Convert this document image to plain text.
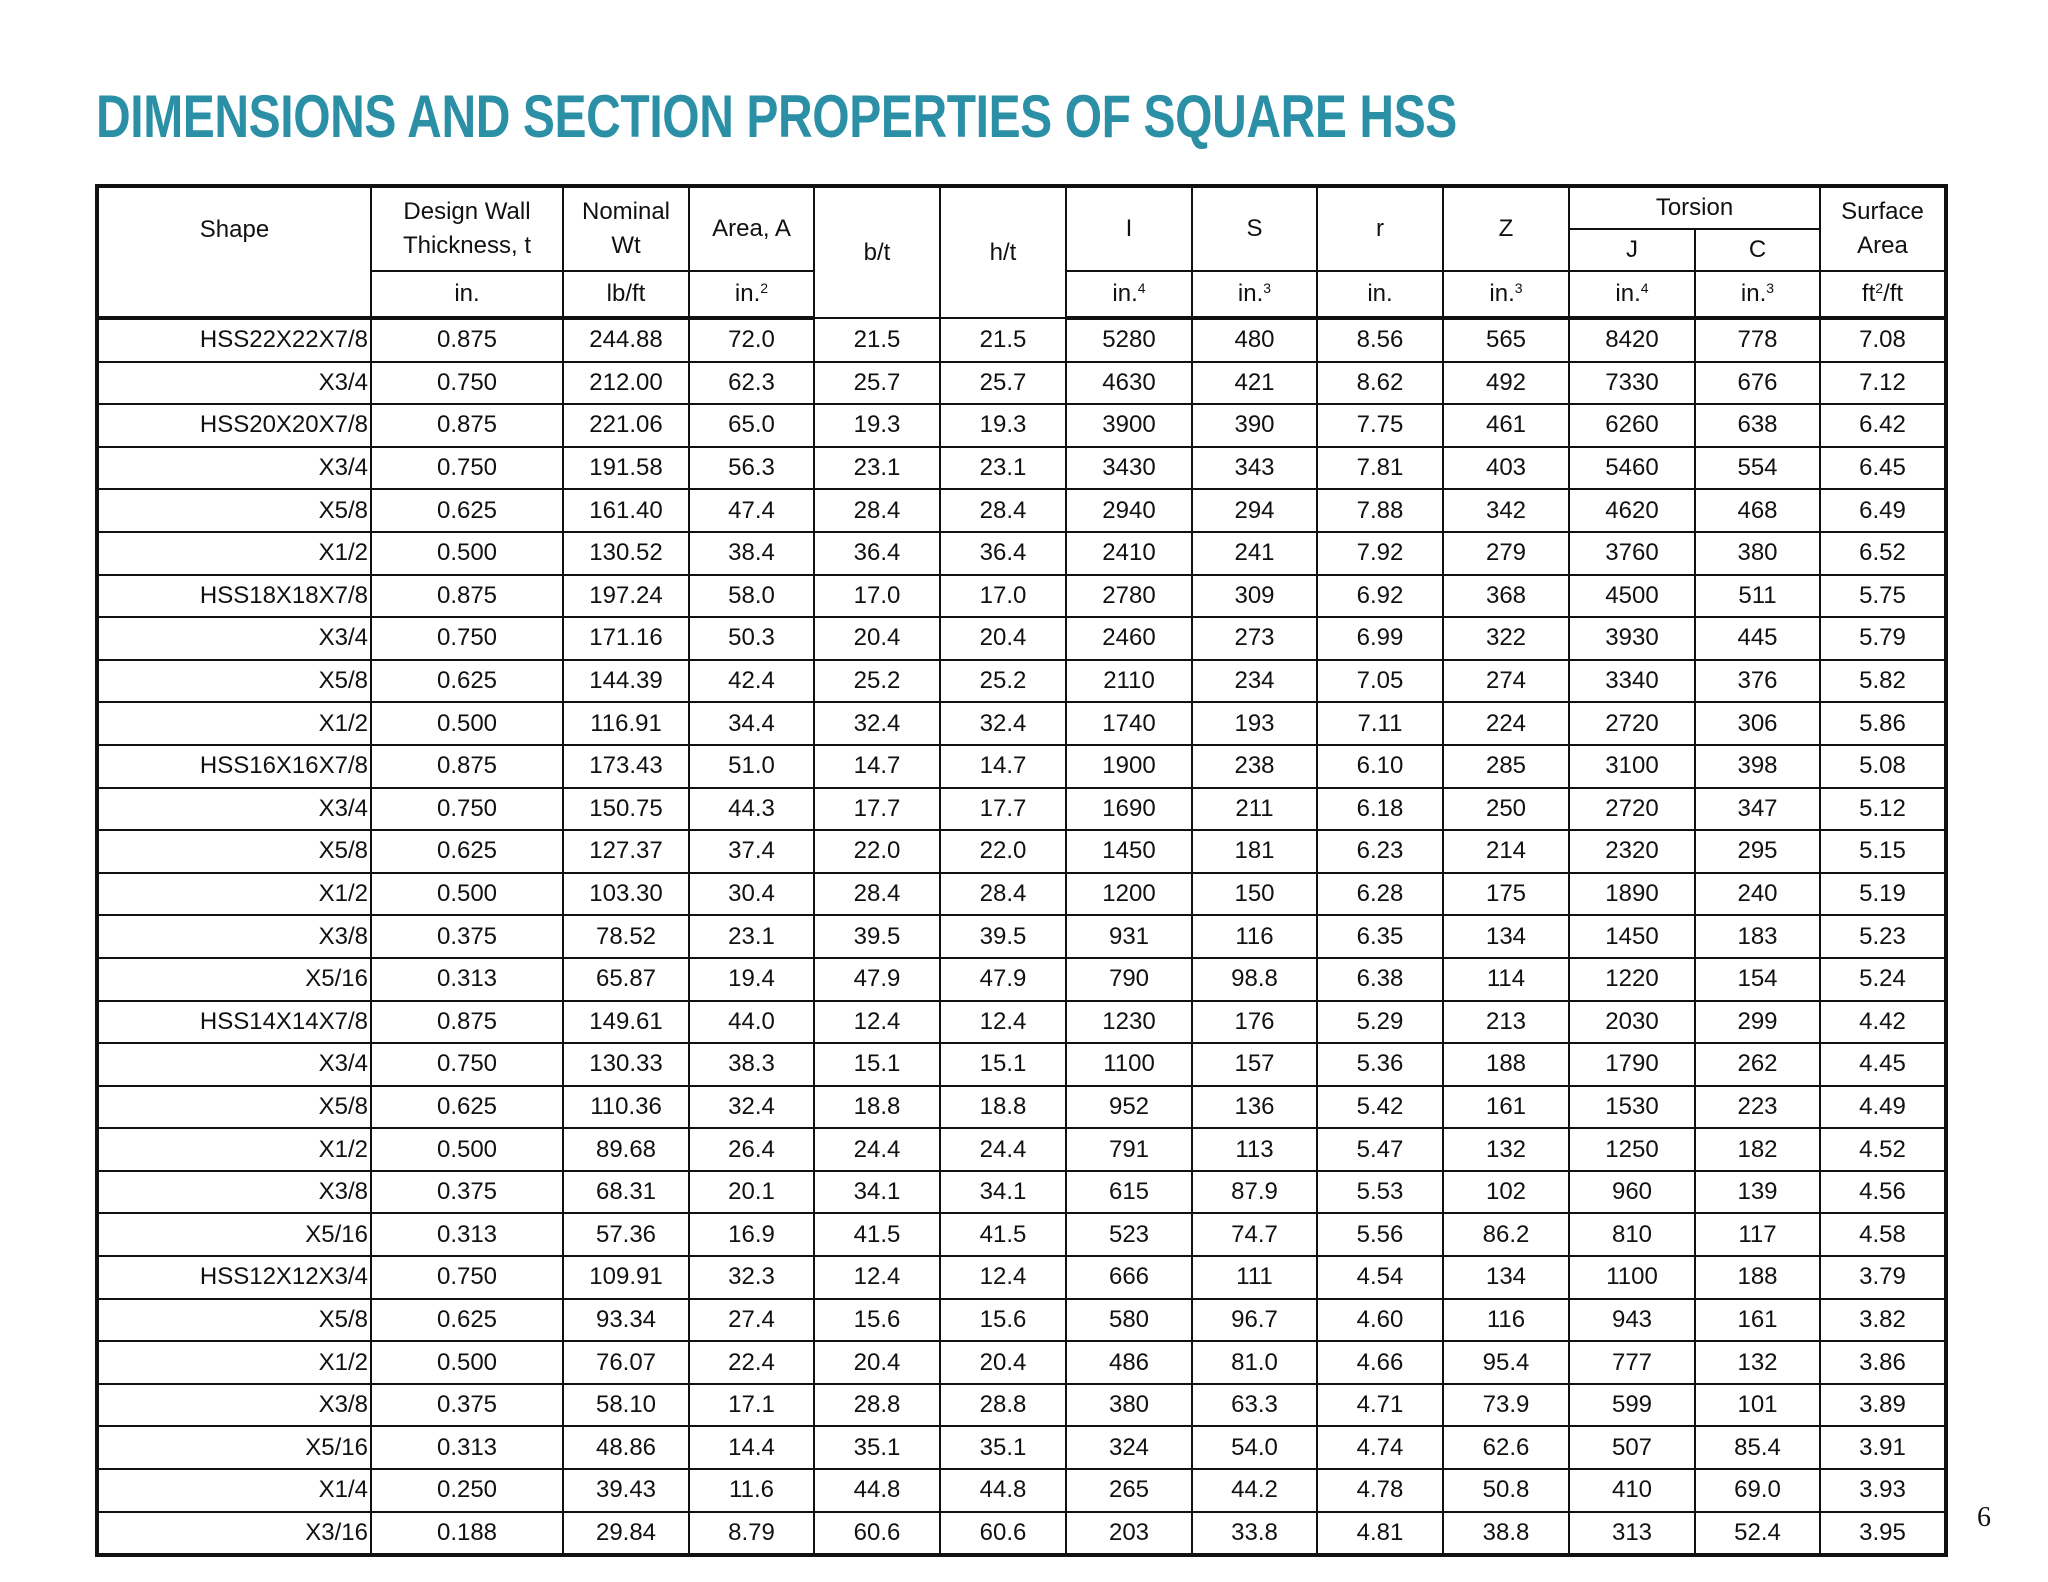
DIMENSIONS AND SECTION PROPERTIES OF SQUARE HSS
Shape	Design Wall Thickness, t	Nominal Wt	Area, A	b/t	h/t	I	S	r	Z	Torsion		Surface Area
										J	C	
	in.	lb/ft	in.$^2$			in.$^4$	in.$^3$	in.	in.$^3$	in.$^4$	in.$^3$	$ft^2/ft$
HSS22X22X7/8	0.875	244.88	72.0	21.5	21.5	5280	480	8.56	565	8420	778	7.08
X3/4	0.750	212.00	62.3	25.7	25.7	4630	421	8.62	492	7330	676	7.12
HSS20X20X7/8	0.875	221.06	65.0	19.3	19.3	3900	390	7.75	461	6260	638	6.42
X3/4	0.750	191.58	56.3	23.1	23.1	3430	343	7.81	403	5460	554	6.45
X5/8	0.625	161.40	47.4	28.4	28.4	2940	294	7.88	342	4620	468	6.49
X1/2	0.500	130.52	38.4	36.4	36.4	2410	241	7.92	279	3760	380	6.52
HSS18X18X7/8	0.875	197.24	58.0	17.0	17.0	2780	309	6.92	368	4500	511	5.75
X3/4	0.750	171.16	50.3	20.4	20.4	2460	273	6.99	322	3930	445	5.79
X5/8	0.625	144.39	42.4	25.2	25.2	2110	234	7.05	274	3340	376	5.82
X1/2	0.500	116.91	34.4	32.4	32.4	1740	193	7.11	224	2720	306	5.86
HSS16X16X7/8	0.875	173.43	51.0	14.7	14.7	1900	238	6.10	285	3100	398	5.08
X3/4	0.750	150.75	44.3	17.7	17.7	1690	211	6.18	250	2720	347	5.12
X5/8	0.625	127.37	37.4	22.0	22.0	1450	181	6.23	214	2320	295	5.15
X1/2	0.500	103.30	30.4	28.4	28.4	1200	150	6.28	175	1890	240	5.19
X3/8	0.375	78.52	23.1	39.5	39.5	931	116	6.35	134	1450	183	5.23
X5/16	0.313	65.87	19.4	47.9	47.9	790	98.8	6.38	114	1220	154	5.24
HSS14X14X7/8	0.875	149.61	44.0	12.4	12.4	1230	176	5.29	213	2030	299	4.42
X3/4	0.750	130.33	38.3	15.1	15.1	1100	157	5.36	188	1790	262	4.45
X5/8	0.625	110.36	32.4	18.8	18.8	952	136	5.42	161	1530	223	4.49
X1/2	0.500	89.68	26.4	24.4	24.4	791	113	5.47	132	1250	182	4.52
X3/8	0.375	68.31	20.1	34.1	34.1	615	87.9	5.53	102	960	139	4.56
X5/16	0.313	57.36	16.9	41.5	41.5	523	74.7	5.56	86.2	810	117	4.58
HSS12X12X3/4	0.750	109.91	32.3	12.4	12.4	666	111	4.54	134	1100	188	3.79
X5/8	0.625	93.34	27.4	15.6	15.6	580	96.7	4.60	116	943	161	3.82
X1/2	0.500	76.07	22.4	20.4	20.4	486	81.0	4.66	95.4	777	132	3.86
X3/8	0.375	58.10	17.1	28.8	28.8	380	63.3	4.71	73.9	599	101	3.89
X5/16	0.313	48.86	14.4	35.1	35.1	324	54.0	4.74	62.6	507	85.4	3.91
X1/4	0.250	39.43	11.6	44.8	44.8	265	44.2	4.78	50.8	410	69.0	3.93
X3/16	0.188	29.84	8.79	60.6	60.6	203	33.8	4.81	38.8	313	52.4	3.95	6
